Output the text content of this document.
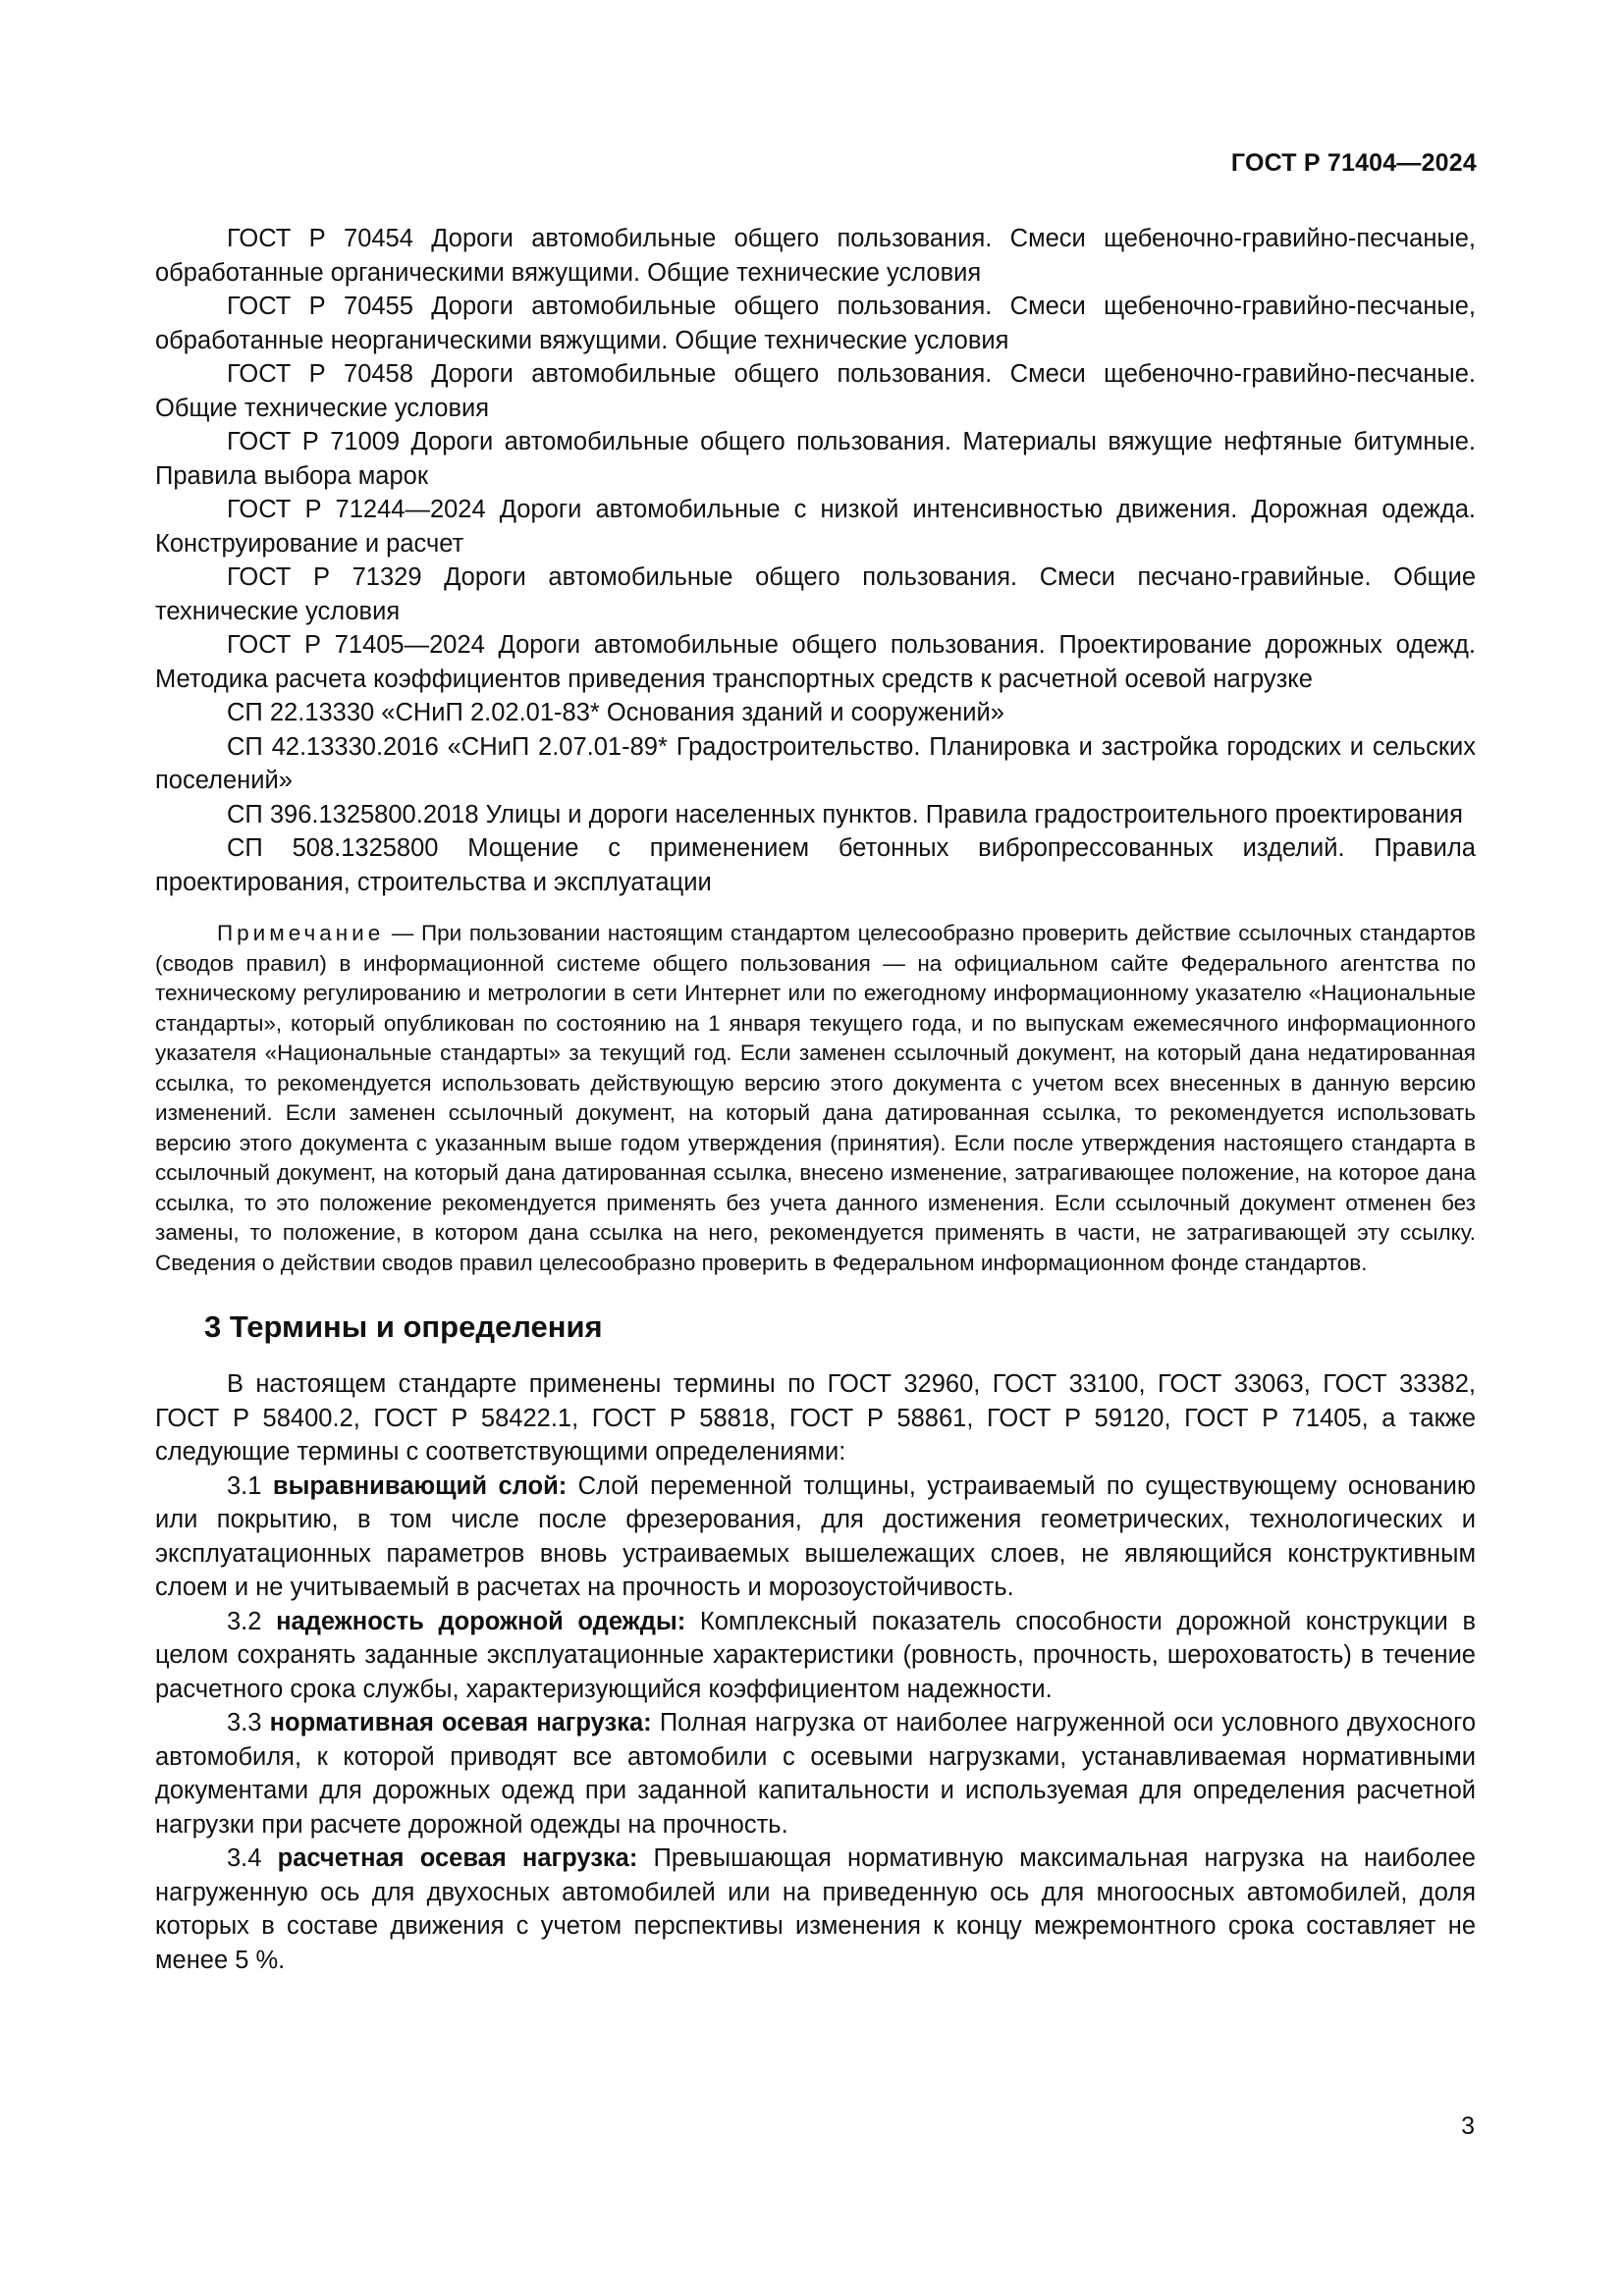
ГОСТ Р 71404—2024

ГОСТ Р 70454 Дороги автомобильные общего пользования. Смеси щебеночно-гравийно-песчаные, обработанные органическими вяжущими. Общие технические условия

ГОСТ Р 70455 Дороги автомобильные общего пользования. Смеси щебеночно-гравийно-песчаные, обработанные неорганическими вяжущими. Общие технические условия

ГОСТ Р 70458 Дороги автомобильные общего пользования. Смеси щебеночно-гравийно-песчаные. Общие технические условия

ГОСТ Р 71009 Дороги автомобильные общего пользования. Материалы вяжущие нефтяные битумные. Правила выбора марок

ГОСТ Р 71244—2024 Дороги автомобильные с низкой интенсивностью движения. Дорожная одежда. Конструирование и расчет

ГОСТ Р 71329 Дороги автомобильные общего пользования. Смеси песчано-гравийные. Общие технические условия

ГОСТ Р 71405—2024 Дороги автомобильные общего пользования. Проектирование дорожных одежд. Методика расчета коэффициентов приведения транспортных средств к расчетной осевой нагрузке

СП 22.13330 «СНиП 2.02.01-83* Основания зданий и сооружений»

СП 42.13330.2016 «СНиП 2.07.01-89* Градостроительство. Планировка и застройка городских и сельских поселений»

СП 396.1325800.2018 Улицы и дороги населенных пунктов. Правила градостроительного проектирования

СП 508.1325800 Мощение с применением бетонных вибропрессованных изделий. Правила проектирования, строительства и эксплуатации

Примечание — При пользовании настоящим стандартом целесообразно проверить действие ссылочных стандартов (сводов правил) в информационной системе общего пользования — на официальном сайте Федерального агентства по техническому регулированию и метрологии в сети Интернет или по ежегодному информационному указателю «Национальные стандарты», который опубликован по состоянию на 1 января текущего года, и по выпускам ежемесячного информационного указателя «Национальные стандарты» за текущий год. Если заменен ссылочный документ, на который дана недатированная ссылка, то рекомендуется использовать действующую версию этого документа с учетом всех внесенных в данную версию изменений. Если заменен ссылочный документ, на который дана датированная ссылка, то рекомендуется использовать версию этого документа с указанным выше годом утверждения (принятия). Если после утверждения настоящего стандарта в ссылочный документ, на который дана датированная ссылка, внесено изменение, затрагивающее положение, на которое дана ссылка, то это положение рекомендуется применять без учета данного изменения. Если ссылочный документ отменен без замены, то положение, в котором дана ссылка на него, рекомендуется применять в части, не затрагивающей эту ссылку. Сведения о действии сводов правил целесообразно проверить в Федеральном информационном фонде стандартов.

3 Термины и определения

В настоящем стандарте применены термины по ГОСТ 32960, ГОСТ 33100, ГОСТ 33063, ГОСТ 33382, ГОСТ Р 58400.2, ГОСТ Р 58422.1, ГОСТ Р 58818, ГОСТ Р 58861, ГОСТ Р 59120, ГОСТ Р 71405, а также следующие термины с соответствующими определениями:

3.1 выравнивающий слой: Слой переменной толщины, устраиваемый по существующему основанию или покрытию, в том числе после фрезерования, для достижения геометрических, технологических и эксплуатационных параметров вновь устраиваемых вышележащих слоев, не являющийся конструктивным слоем и не учитываемый в расчетах на прочность и морозоустойчивость.

3.2 надежность дорожной одежды: Комплексный показатель способности дорожной конструкции в целом сохранять заданные эксплуатационные характеристики (ровность, прочность, шероховатость) в течение расчетного срока службы, характеризующийся коэффициентом надежности.

3.3 нормативная осевая нагрузка: Полная нагрузка от наиболее нагруженной оси условного двухосного автомобиля, к которой приводят все автомобили с осевыми нагрузками, устанавливаемая нормативными документами для дорожных одежд при заданной капитальности и используемая для определения расчетной нагрузки при расчете дорожной одежды на прочность.

3.4 расчетная осевая нагрузка: Превышающая нормативную максимальная нагрузка на наиболее нагруженную ось для двухосных автомобилей или на приведенную ось для многоосных автомобилей, доля которых в составе движения с учетом перспективы изменения к концу межремонтного срока составляет не менее 5 %.

3
